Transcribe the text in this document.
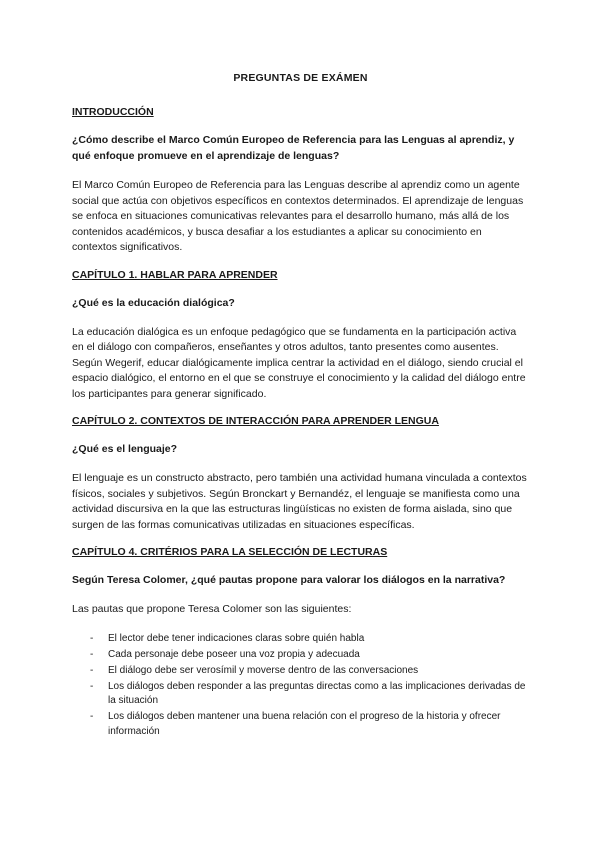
PREGUNTAS DE EXÁMEN
INTRODUCCIÓN
¿Cómo describe el Marco Común Europeo de Referencia para las Lenguas al aprendiz, y qué enfoque promueve en el aprendizaje de lenguas?
El Marco Común Europeo de Referencia para las Lenguas describe al aprendiz como un agente social que actúa con objetivos específicos en contextos determinados. El aprendizaje de lenguas se enfoca en situaciones comunicativas relevantes para el desarrollo humano, más allá de los contenidos académicos, y busca desafiar a los estudiantes a aplicar su conocimiento en contextos significativos.
CAPÍTULO 1. HABLAR PARA APRENDER
¿Qué es la educación dialógica?
La educación dialógica es un enfoque pedagógico que se fundamenta en la participación activa en el diálogo con compañeros, enseñantes y otros adultos, tanto presentes como ausentes. Según Wegerif, educar dialógicamente implica centrar la actividad en el diálogo, siendo crucial el espacio dialógico, el entorno en el que se construye el conocimiento y la calidad del diálogo entre los participantes para generar significado.
CAPÍTULO 2. CONTEXTOS DE INTERACCIÓN PARA APRENDER LENGUA
¿Qué es el lenguaje?
El lenguaje es un constructo abstracto, pero también una actividad humana vinculada a contextos físicos, sociales y subjetivos. Según Bronckart y Bernandéz, el lenguaje se manifiesta como una actividad discursiva en la que las estructuras lingüísticas no existen de forma aislada, sino que surgen de las formas comunicativas utilizadas en situaciones específicas.
CAPÍTULO 4. CRITÉRIOS PARA LA SELECCIÓN DE LECTURAS
Según Teresa Colomer, ¿qué pautas propone para valorar los diálogos en la narrativa?
Las pautas que propone Teresa Colomer son las siguientes:
- El lector debe tener indicaciones claras sobre quién habla
- Cada personaje debe poseer una voz propia y adecuada
- El diálogo debe ser verosímil y moverse dentro de las conversaciones
- Los diálogos deben responder a las preguntas directas como a las implicaciones derivadas de la situación
- Los diálogos deben mantener una buena relación con el progreso de la historia y ofrecer información
